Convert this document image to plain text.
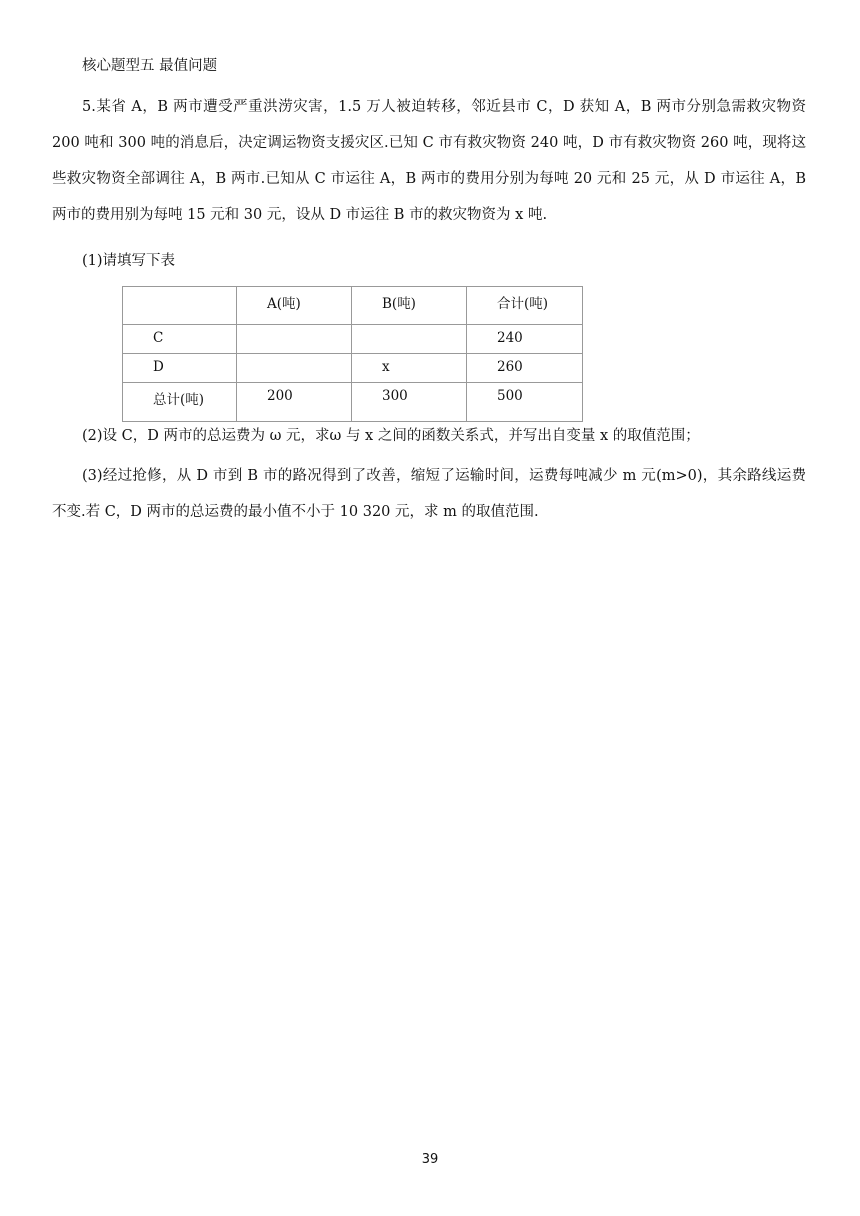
核心题型五 最值问题

5.某省 A，B 两市遭受严重洪涝灾害，1.5 万人被迫转移，邻近县市 C，D 获知 A，B 两市分别急需救灾物资 200 吨和 300 吨的消息后，决定调运物资支援灾区.已知 C 市有救灾物资 240 吨，D 市有救灾物资 260 吨，现将这些救灾物资全部调往 A，B 两市.已知从 C 市运往 A，B 两市的费用分别为每吨 20 元和 25 元，从 D 市运往 A，B 两市的费用别为每吨 15 元和 30 元，设从 D 市运往 B 市的救灾物资为 x 吨.

(1)请填写下表
	A(吨)	B(吨)	合计(吨)
C			240
D		x	260
总计(吨)	200	300	500

(2)设 C，D 两市的总运费为 ω 元，求ω 与 x 之间的函数关系式，并写出自变量 x 的取值范围；

(3)经过抢修，从 D 市到 B 市的路况得到了改善，缩短了运输时间，运费每吨减少 m 元(m>0)，其余路线运费不变.若 C，D 两市的总运费的最小值不小于 10 320 元，求 m 的取值范围.

39
